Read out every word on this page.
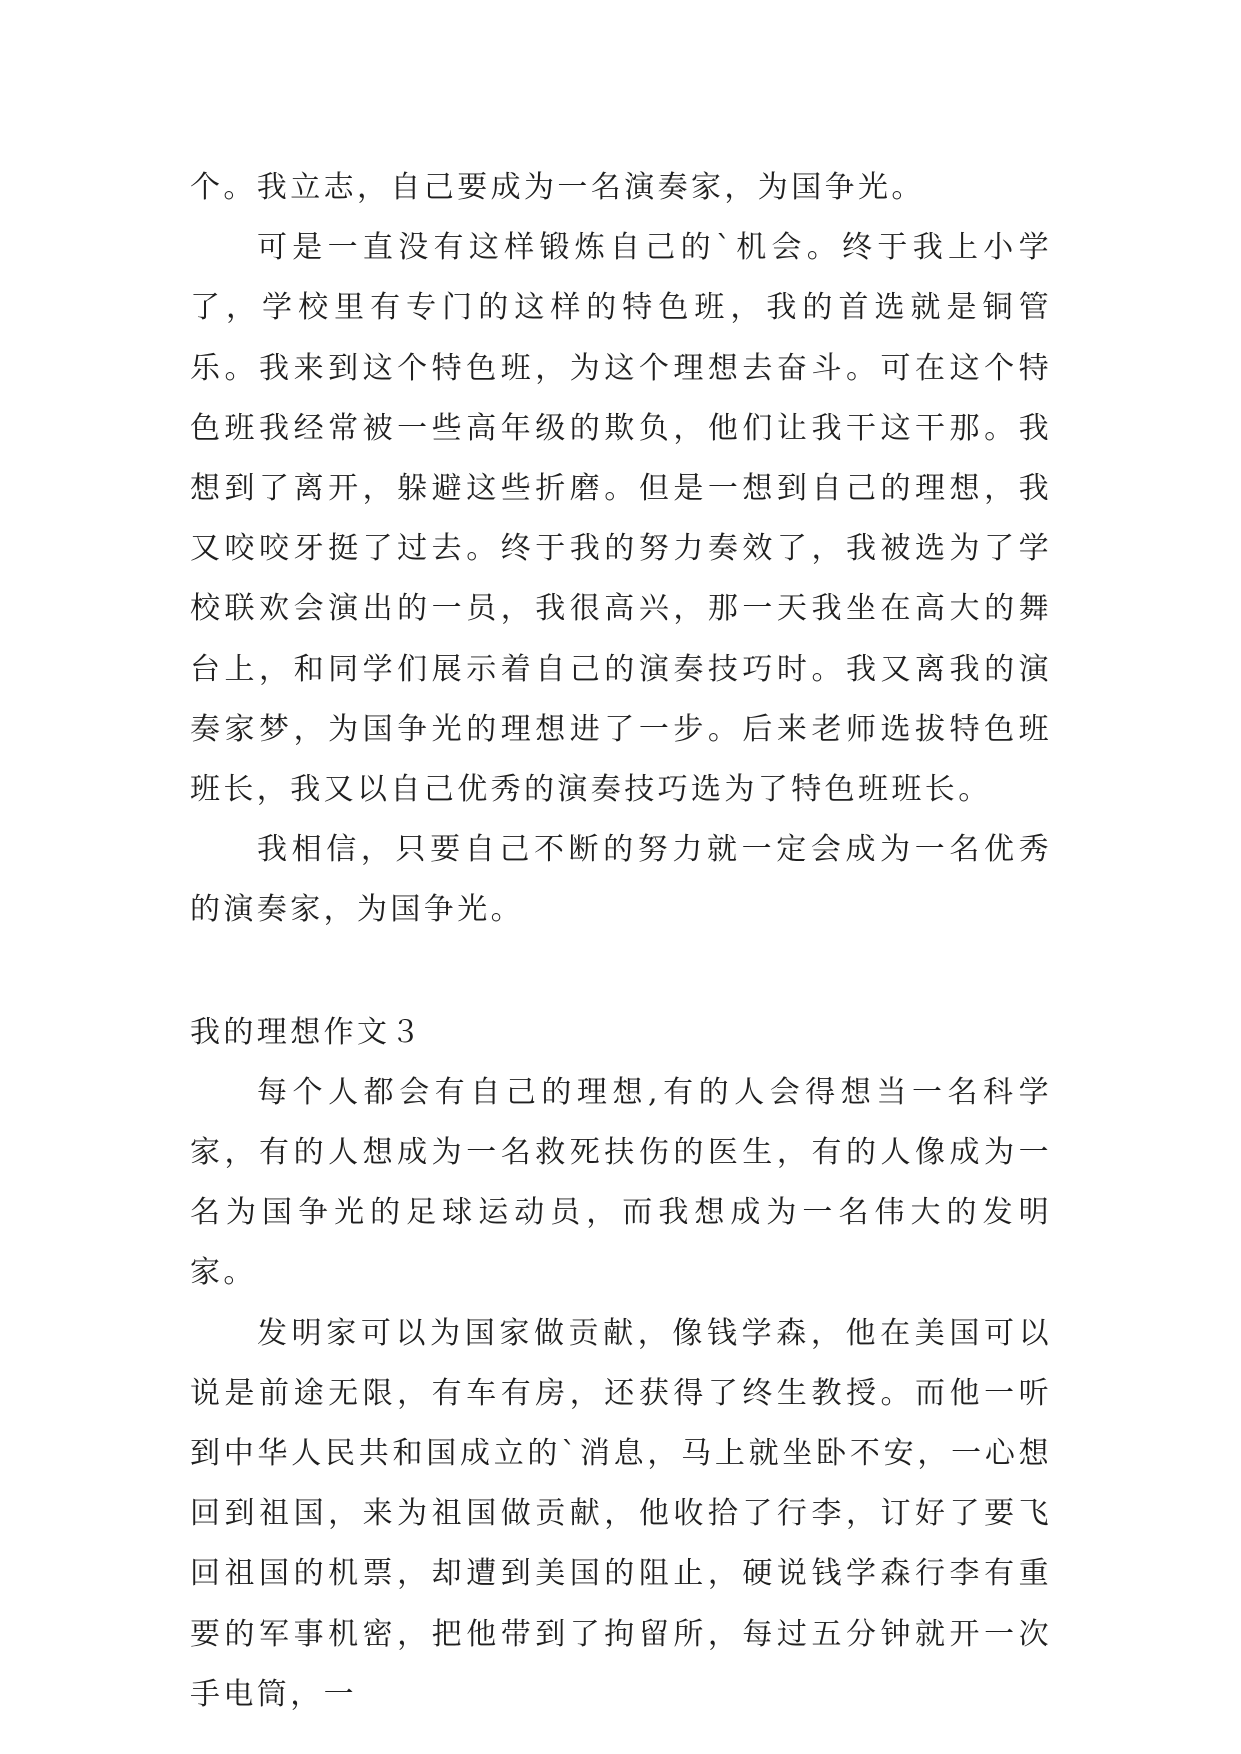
个。我立志，自己要成为一名演奏家，为国争光。

可是一直没有这样锻炼自己的`机会。终于我上小学了，学校里有专门的这样的特色班，我的首选就是铜管乐。我来到这个特色班，为这个理想去奋斗。可在这个特色班我经常被一些高年级的欺负，他们让我干这干那。我想到了离开，躲避这些折磨。但是一想到自己的理想，我又咬咬牙挺了过去。终于我的努力奏效了，我被选为了学校联欢会演出的一员，我很高兴，那一天我坐在高大的舞台上，和同学们展示着自己的演奏技巧时。我又离我的演奏家梦，为国争光的理想进了一步。后来老师选拔特色班班长，我又以自己优秀的演奏技巧选为了特色班班长。

我相信，只要自己不断的努力就一定会成为一名优秀的演奏家，为国争光。

我的理想作文３

每个人都会有自己的理想,有的人会得想当一名科学家，有的人想成为一名救死扶伤的医生，有的人像成为一名为国争光的足球运动员，而我想成为一名伟大的发明家。

发明家可以为国家做贡献，像钱学森，他在美国可以说是前途无限，有车有房，还获得了终生教授。而他一听到中华人民共和国成立的`消息，马上就坐卧不安，一心想回到祖国，来为祖国做贡献，他收拾了行李，订好了要飞回祖国的机票，却遭到美国的阻止，硬说钱学森行李有重要的军事机密，把他带到了拘留所，每过五分钟就开一次手电筒，一
